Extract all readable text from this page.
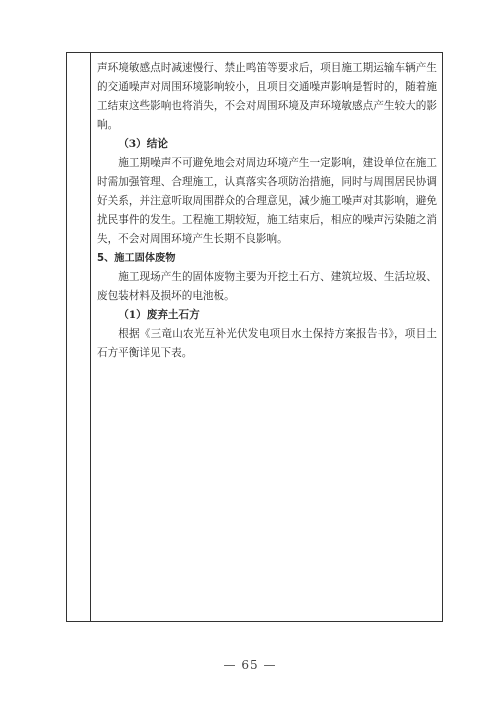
声环境敏感点时减速慢行、禁止鸣笛等要求后，项目施工期运输车辆产生的交通噪声对周围环境影响较小，且项目交通噪声影响是暂时的，随着施工结束这些影响也将消失，不会对周围环境及声环境敏感点产生较大的影响。

（3）结论

施工期噪声不可避免地会对周边环境产生一定影响，建设单位在施工时需加强管理、合理施工，认真落实各项防治措施，同时与周围居民协调好关系，并注意听取周围群众的合理意见，减少施工噪声对其影响，避免扰民事件的发生。工程施工期较短，施工结束后，相应的噪声污染随之消失，不会对周围环境产生长期不良影响。

5、施工固体废物

施工现场产生的固体废物主要为开挖土石方、建筑垃圾、生活垃圾、废包装材料及损坏的电池板。

（1）废弃土石方

根据《三竜山农光互补光伏发电项目水土保持方案报告书》，项目土石方平衡详见下表。

— 65 —
